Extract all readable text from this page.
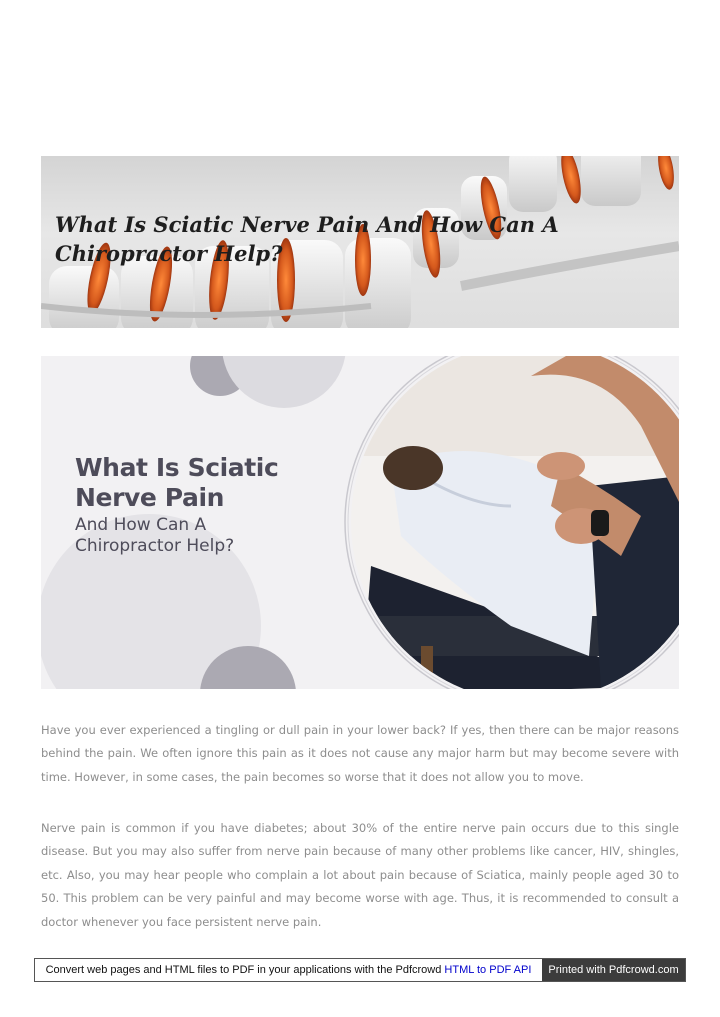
What Is Sciatic Nerve Pain And How Can A Chiropractor Help?
What Is Sciatic
Nerve Pain

And How Can A
Chiropractor Help?

Have you ever experienced a tingling or dull pain in your lower back? If yes, then there can be major reasons behind the pain. We often ignore this pain as it does not cause any major harm but may become severe with time. However, in some cases, the pain becomes so worse that it does not allow you to move.

Nerve pain is common if you have diabetes; about 30% of the entire nerve pain occurs due to this single disease. But you may also suffer from nerve pain because of many other problems like cancer, HIV, shingles, etc. Also, you may hear people who complain a lot about pain because of Sciatica, mainly people aged 30 to 50. This problem can be very painful and may become worse with age. Thus, it is recommended to consult a doctor whenever you face persistent nerve pain.

Convert web pages and HTML files to PDF in your applications with the Pdfcrowd HTML to PDF API	Printed with Pdfcrowd.com
